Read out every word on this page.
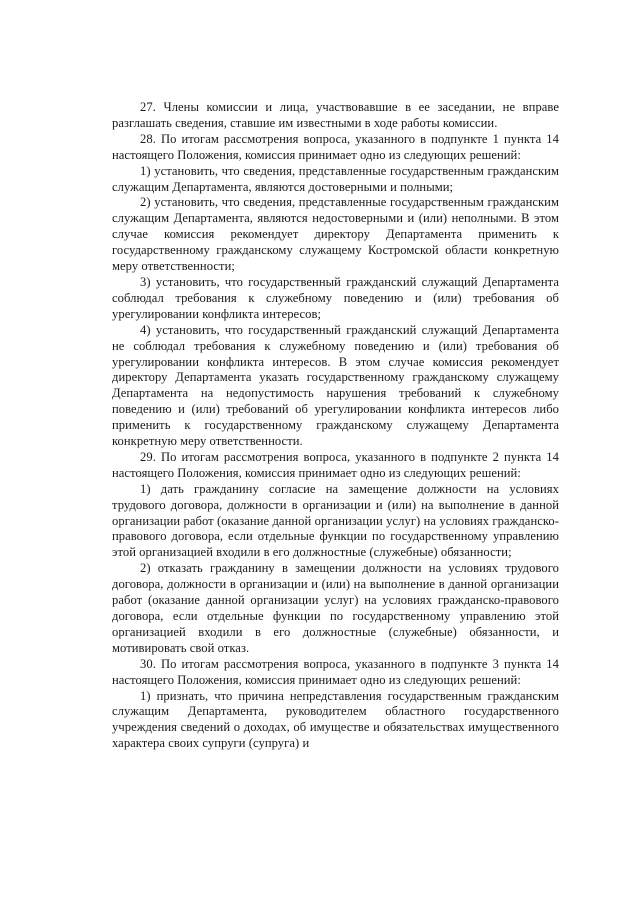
27. Члены комиссии и лица, участвовавшие в ее заседании, не вправе разглашать сведения, ставшие им известными в ходе работы комиссии.

28. По итогам рассмотрения вопроса, указанного в подпункте 1 пункта 14 настоящего Положения, комиссия принимает одно из следующих решений:

1) установить, что сведения, представленные государственным гражданским служащим Департамента, являются достоверными и полными;

2) установить, что сведения, представленные государственным гражданским служащим Департамента, являются недостоверными и (или) неполными. В этом случае комиссия рекомендует директору Департамента применить к государственному гражданскому служащему Костромской области конкретную меру ответственности;

3) установить, что государственный гражданский служащий Департамента соблюдал требования к служебному поведению и (или) требования об урегулировании конфликта интересов;

4) установить, что государственный гражданский служащий Департамента не соблюдал требования к служебному поведению и (или) требования об урегулировании конфликта интересов. В этом случае комиссия рекомендует директору Департамента указать государственному гражданскому служащему Департамента на недопустимость нарушения требований к служебному поведению и (или) требований об урегулировании конфликта интересов либо применить к государственному гражданскому служащему Департамента конкретную меру ответственности.

29. По итогам рассмотрения вопроса, указанного в подпункте 2 пункта 14 настоящего Положения, комиссия принимает одно из следующих решений:

1) дать гражданину согласие на замещение должности на условиях трудового договора, должности в организации и (или) на выполнение в данной организации работ (оказание данной организации услуг) на условиях гражданско-правового договора, если отдельные функции по государственному управлению этой организацией входили в его должностные (служебные) обязанности;

2) отказать гражданину в замещении должности на условиях трудового договора, должности в организации и (или) на выполнение в данной организации работ (оказание данной организации услуг) на условиях гражданско-правового договора, если отдельные функции по государственному управлению этой организацией входили в его должностные (служебные) обязанности, и мотивировать свой отказ.

30. По итогам рассмотрения вопроса, указанного в подпункте 3 пункта 14 настоящего Положения, комиссия принимает одно из следующих решений:

1) признать, что причина непредставления государственным гражданским служащим Департамента, руководителем областного государственного учреждения сведений о доходах, об имуществе и обязательствах имущественного характера своих супруги (супруга) и
